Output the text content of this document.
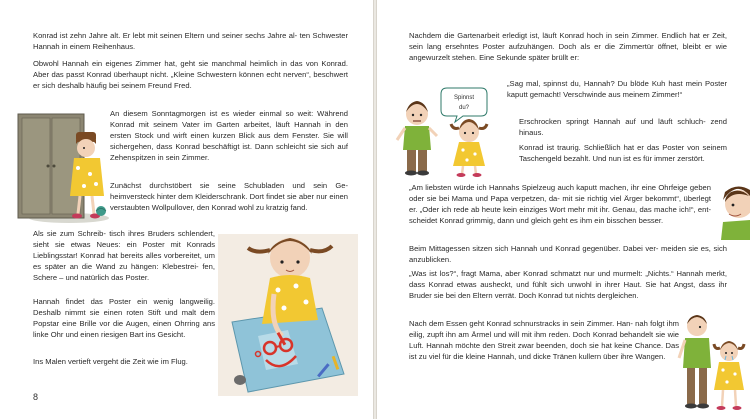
Konrad ist zehn Jahre alt. Er lebt mit seinen Eltern und seiner sechs Jahre al- ten Schwester Hannah in einem Reihenhaus.

Obwohl Hannah ein eigenes Zimmer hat, geht sie manchmal heimlich in das von Konrad. Aber das passt Konrad überhaupt nicht. „Kleine Schwestern können echt nerven“, beschwert er sich deshalb häufig bei seinem Freund Fred.

An diesem Sonntagmorgen ist es wieder einmal so weit: Während Konrad mit seinem Vater im Garten arbeitet, läuft Hannah in den ersten Stock und wirft einen kurzen Blick aus dem Fenster. Sie will sichergehen, dass Konrad beschäftigt ist. Dann schleicht sie sich auf Zehenspitzen in sein Zimmer.

Zunächst durchstöbert sie seine Schubladen und sein Ge- heimversteck hinter dem Kleiderschrank. Dort findet sie aber nur einen verstaubten Wollpullover, den Konrad wohl zu kratzig fand.

Als sie zum Schreib- tisch ihres Bruders schlendert, sieht sie etwas Neues: ein Poster mit Konrads Lieblingsstar! Konrad hat bereits alles vorbereitet, um es später an die Wand zu hängen: Klebestrei- fen, Schere – und natürlich das Poster.

Hannah findet das Poster ein wenig langweilig. Deshalb nimmt sie einen roten Stift und malt dem Popstar eine Brille vor die Augen, einen Ohrring ans linke Ohr und einen riesigen Bart ins Gesicht.

Ins Malen vertieft vergeht die Zeit wie im Flug.

8

Nachdem die Gartenarbeit erledigt ist, läuft Konrad hoch in sein Zimmer. Endlich hat er Zeit, sein lang ersehntes Poster aufzuhängen. Doch als er die Zimmertür öffnet, bleibt er wie angewurzelt stehen. Eine Sekunde später brüllt er:

„Sag mal, spinnst du, Hannah? Du blöde Kuh hast mein Poster kaputt gemacht! Verschwinde aus meinem Zimmer!“

Erschrocken springt Hannah auf und läuft schluch- zend hinaus.

Konrad ist traurig. Schließlich hat er das Poster von seinem Taschengeld bezahlt. Und nun ist es für immer zerstört.

„Am liebsten würde ich Hannahs Spielzeug auch kaputt machen, ihr eine Ohrfeige geben oder sie bei Mama und Papa verpetzen, da- mit sie richtig viel Ärger bekommt“, überlegt er. „Oder ich rede ab heute kein einziges Wort mehr mit ihr. Genau, das mache ich!“, ent- scheidet Konrad grimmig, dann und gleich geht es ihm ein bisschen besser.

Beim Mittagessen sitzen sich Hannah und Konrad gegenüber. Dabei ver- meiden sie es, sich anzublicken.

„Was ist los?“, fragt Mama, aber Konrad schmatzt nur und murmelt: „Nichts.“ Hannah merkt, dass Konrad etwas ausheckt, und fühlt sich unwohl in ihrer Haut. Sie hat Angst, dass ihr Bruder sie bei den Eltern verrät. Doch Konrad tut nichts dergleichen.

Nach dem Essen geht Konrad schnurstracks in sein Zimmer. Han- nah folgt ihm eilig, zupft ihn am Ärmel und will mit ihm reden. Doch Konrad behandelt sie wie Luft. Hannah möchte den Streit zwar beenden, doch sie hat keine Chance. Das ist zu viel für die kleine Hannah, und dicke Tränen kullern über ihre Wangen.

Spinnst
du?
